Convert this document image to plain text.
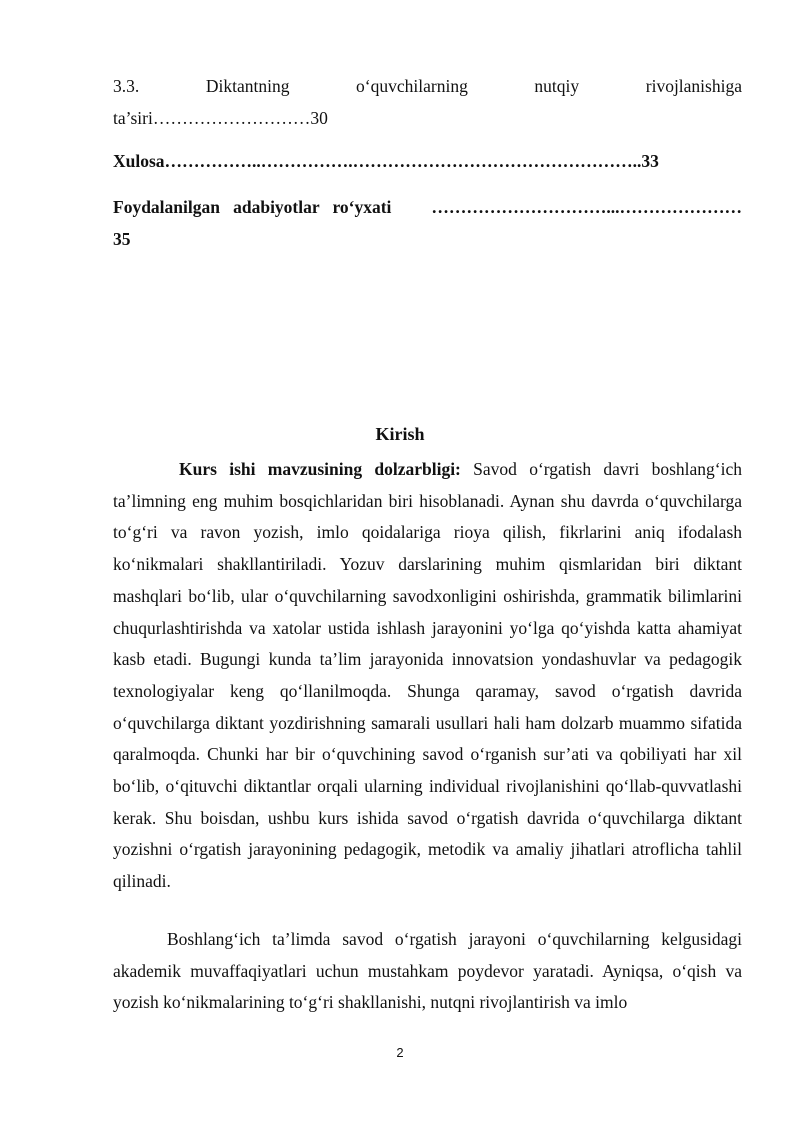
3.3.	Diktantning	o‘quvchilarning	nutqiy	rivojlanishiga
ta’siri………………………30
Xulosa……………..…………….…………………………………………..33
Foydalanilgan   adabiyotlar   ro‘yxati …………………………...…………………
35
Kirish
Kurs ishi mavzusining dolzarbligi: Savod o‘rgatish davri boshlang‘ich ta’limning eng muhim bosqichlaridan biri hisoblanadi. Aynan shu davrda o‘quvchilarga to‘g‘ri va ravon yozish, imlo qoidalariga rioya qilish, fikrlarini aniq ifodalash ko‘nikmalari shakllantiriladi. Yozuv darslarining muhim qismlaridan biri diktant mashqlari bo‘lib, ular o‘quvchilarning savodxonligini oshirishda, grammatik bilimlarini chuqurlashtirishda va xatolar ustida ishlash jarayonini yo‘lga qo‘yishda katta ahamiyat kasb etadi. Bugungi kunda ta’lim jarayonida innovatsion yondashuvlar va pedagogik texnologiyalar keng qo‘llanilmoqda. Shunga qaramay, savod o‘rgatish davrida o‘quvchilarga diktant yozdirishning samarali usullari hali ham dolzarb muammo sifatida qaralmoqda. Chunki har bir o‘quvchining savod o‘rganish sur’ati va qobiliyati har xil bo‘lib, o‘qituvchi diktantlar orqali ularning individual rivojlanishini qo‘llab-quvvatlashi kerak. Shu boisdan, ushbu kurs ishida savod o‘rgatish davrida o‘quvchilarga diktant yozishni o‘rgatish jarayonining pedagogik, metodik va amaliy jihatlari atroflicha tahlil qilinadi.
Boshlang‘ich ta’limda savod o‘rgatish jarayoni o‘quvchilarning kelgusidagi akademik muvaffaqiyatlari uchun mustahkam poydevor yaratadi. Ayniqsa, o‘qish va yozish ko‘nikmalarining to‘g‘ri shakllanishi, nutqni rivojlantirish va imlo
2
